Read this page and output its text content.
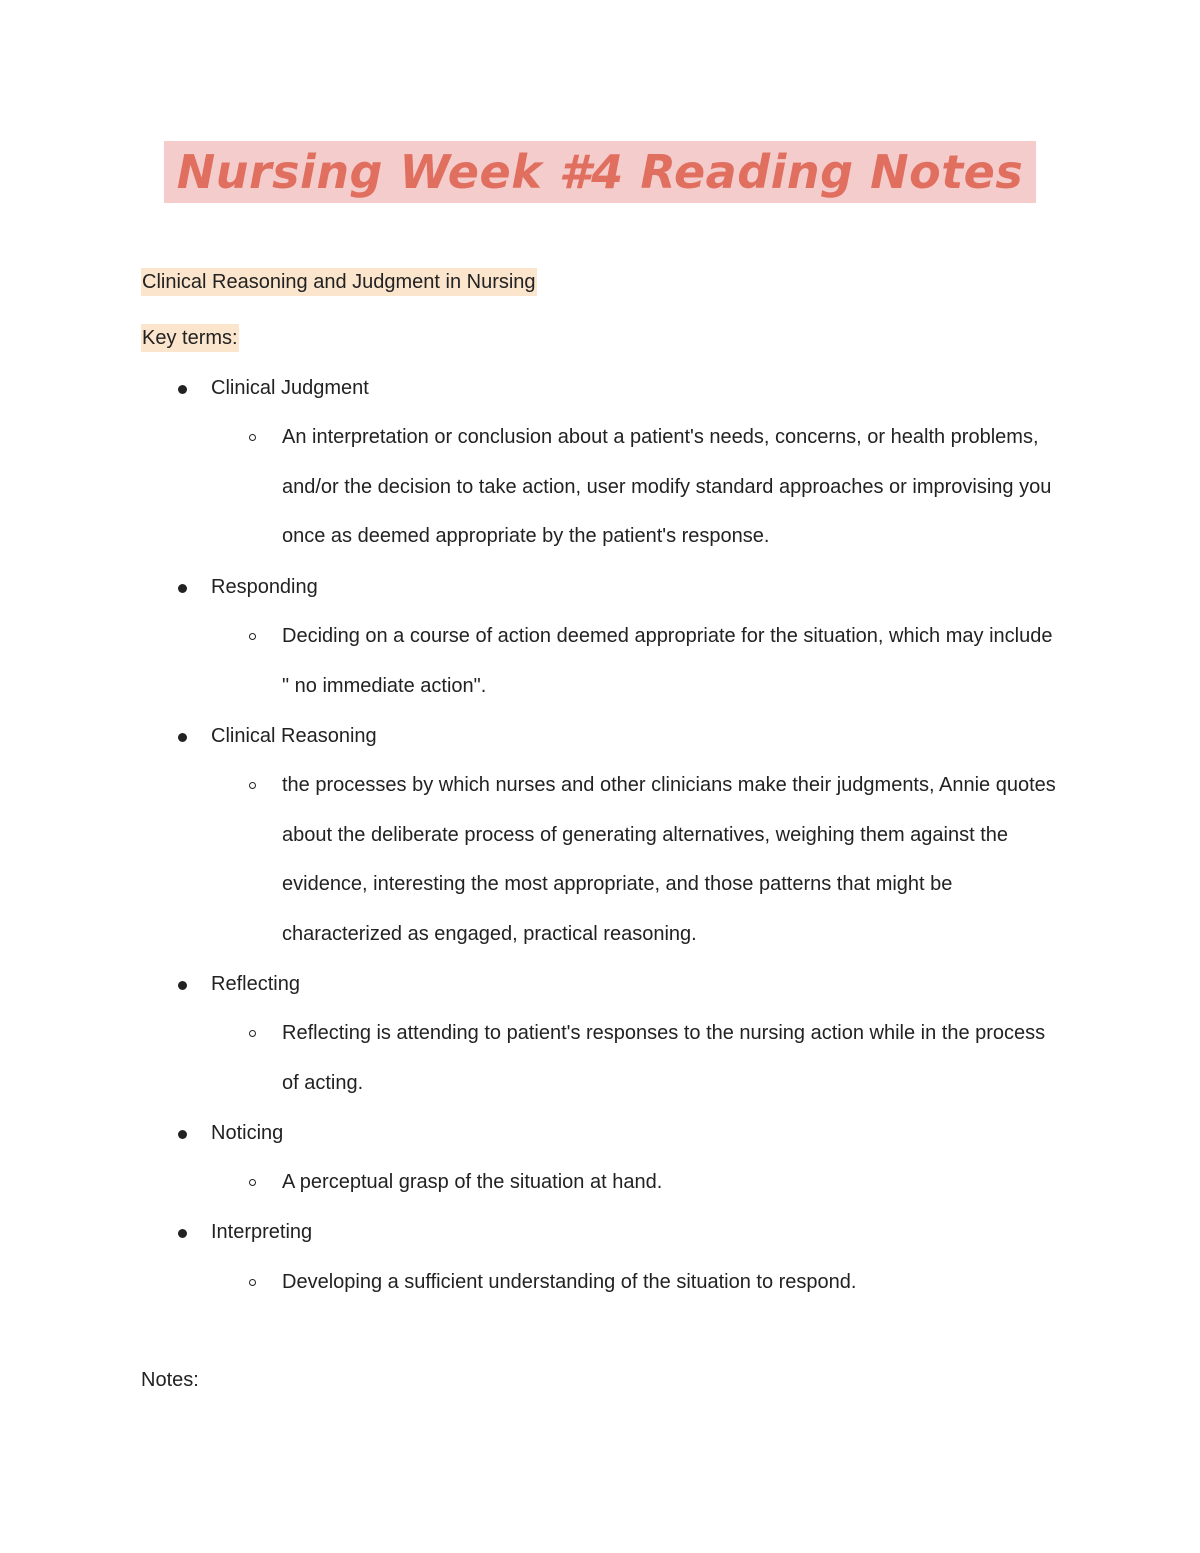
Nursing Week #4 Reading Notes
Clinical Reasoning and Judgment in Nursing
Key terms:
Clinical Judgment

An interpretation or conclusion about a patient's needs, concerns, or health problems, and/or the decision to take action, user modify standard approaches or improvising you once as deemed appropriate by the patient's response.

Responding

Deciding on a course of action deemed appropriate for the situation, which may include " no immediate action".

Clinical Reasoning

the processes by which nurses and other clinicians make their judgments, Annie quotes about the deliberate process of generating alternatives, weighing them against the evidence, interesting the most appropriate, and those patterns that might be characterized as engaged, practical reasoning.

Reflecting

Reflecting is attending to patient's responses to the nursing action while in the process of acting.

Noticing

A perceptual grasp of the situation at hand.

Interpreting

Developing a sufficient understanding of the situation to respond.

Notes:
